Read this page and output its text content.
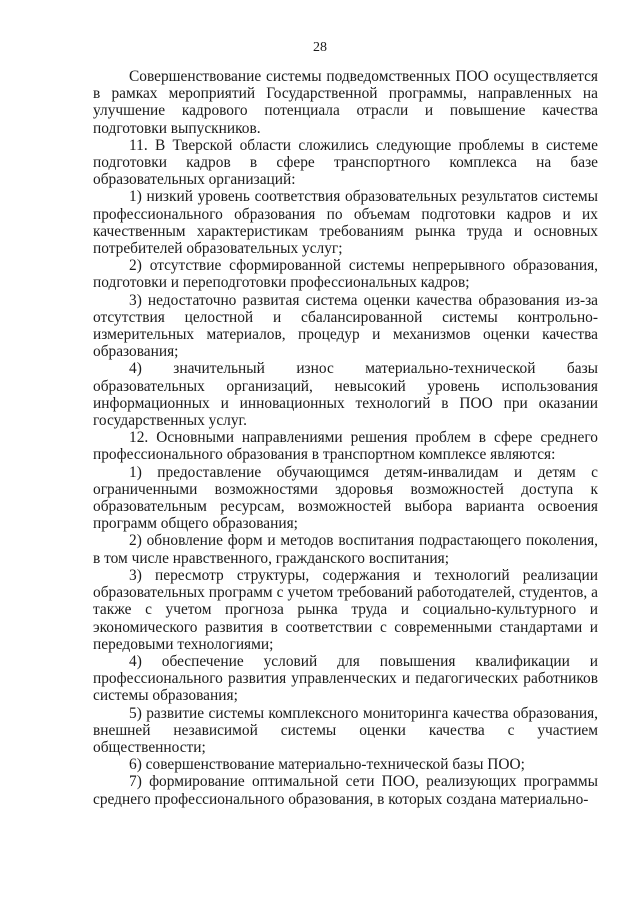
28

Совершенствование системы подведомственных ПОО осуществляется в рамках мероприятий Государственной программы, направленных на улучшение кадрового потенциала отрасли и повышение качества подготовки выпускников.

11. В Тверской области сложились следующие проблемы в системе подготовки кадров в сфере транспортного комплекса на базе образовательных организаций:

1) низкий уровень соответствия образовательных результатов системы профессионального образования по объемам подготовки кадров и их качественным характеристикам требованиям рынка труда и основных потребителей образовательных услуг;

2) отсутствие сформированной системы непрерывного образования, подготовки и переподготовки профессиональных кадров;

3) недостаточно развитая система оценки качества образования из-за отсутствия целостной и сбалансированной системы контрольно-измерительных материалов, процедур и механизмов оценки качества образования;

4) значительный износ материально-технической базы образовательных организаций, невысокий уровень использования информационных и инновационных технологий в ПОО при оказании государственных услуг.

12. Основными направлениями решения проблем в сфере среднего профессионального образования в транспортном комплексе являются:

1) предоставление обучающимся детям-инвалидам и детям с ограниченными возможностями здоровья возможностей доступа к образовательным ресурсам, возможностей выбора варианта освоения программ общего образования;

2) обновление форм и методов воспитания подрастающего поколения, в том числе нравственного, гражданского воспитания;

3) пересмотр структуры, содержания и технологий реализации образовательных программ с учетом требований работодателей, студентов, а также с учетом прогноза рынка труда и социально-культурного и экономического развития в соответствии с современными стандартами и передовыми технологиями;

4) обеспечение условий для повышения квалификации и профессионального развития управленческих и педагогических работников системы образования;

5) развитие системы комплексного мониторинга качества образования, внешней независимой системы оценки качества с участием общественности;

6) совершенствование материально-технической базы ПОО;

7) формирование оптимальной сети ПОО, реализующих программы среднего профессионального образования, в которых создана материально-
